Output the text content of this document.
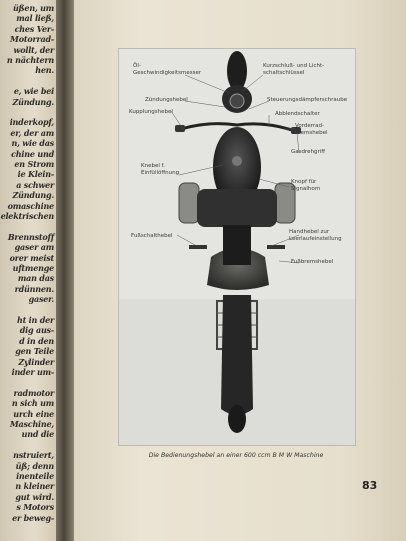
üßen, um
mal ließ,
ches Ver-
Motorrad-
wollt, der
n nächtern
hen.
e, wie bei
Zündung.
inderkopf,
er, der am
n, wie das
chine und
en Strom
ie Klein-
a schwer
Zündung.
omaschine
elektrischen
Brennstoff
gaser am
orer meist
uftmenge
man das
rdünnen.
gaser.
ht in der
dig aus-
d in den
gen Teile
Zylinder
inder um-
radmotor
n sich um
urch eine
Maschine,
und die
nstruiert,
üß; denn
inenteile
n kleiner
gut wird.
s Motors
er beweg-
Öl-
Geschwindigkeitsmesser
Kurzschluß- und Licht-
schaltschlüssel
Zündungshebel	Steuerungsdämpferschraube
Kupplungshebel	Abblendschalter
Vorderrad-
bremshebel
Gasdrehgriff
Knebel f.
Einfüllöffnung
Knopf für
Signalhorn
Fußschalthebel
Handhebel zur
Leerlaufeinstellung
Fußbremshebel
Die Bedienungshebel an einer 600 ccm B M W Maschine
83
